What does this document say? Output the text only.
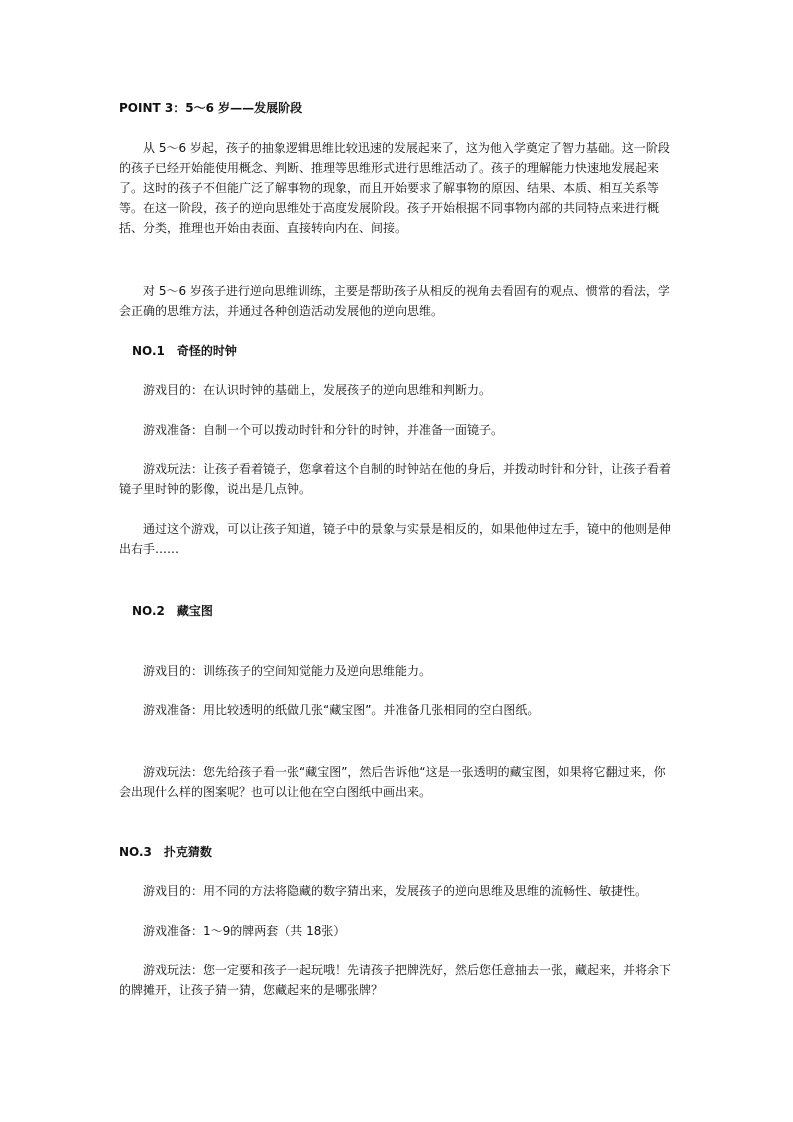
POINT 3：5～6 岁——发展阶段

从 5～6 岁起，孩子的抽象逻辑思维比较迅速的发展起来了，这为他入学奠定了智力基础。这一阶段的孩子已经开始能使用概念、判断、推理等思维形式进行思维活动了。孩子的理解能力快速地发展起来了。这时的孩子不但能广泛了解事物的现象，而且开始要求了解事物的原因、结果、本质、相互关系等等。在这一阶段，孩子的逆向思维处于高度发展阶段。孩子开始根据不同事物内部的共同特点来进行概括、分类，推理也开始由表面、直接转向内在、间接。

对 5～6 岁孩子进行逆向思维训练，主要是帮助孩子从相反的视角去看固有的观点、惯常的看法，学会正确的思维方法，并通过各种创造活动发展他的逆向思维。

NO.1　奇怪的时钟

游戏目的：在认识时钟的基础上，发展孩子的逆向思维和判断力。

游戏准备：自制一个可以拨动时针和分针的时钟，并准备一面镜子。

游戏玩法：让孩子看着镜子，您拿着这个自制的时钟站在他的身后，并拨动时针和分针，让孩子看着镜子里时钟的影像，说出是几点钟。

通过这个游戏，可以让孩子知道，镜子中的景象与实景是相反的，如果他伸过左手，镜中的他则是伸出右手……

NO.2　藏宝图

游戏目的：训练孩子的空间知觉能力及逆向思维能力。

游戏准备：用比较透明的纸做几张“藏宝图”。并准备几张相同的空白图纸。

游戏玩法：您先给孩子看一张“藏宝图”，然后告诉他“这是一张透明的藏宝图，如果将它翻过来，你会出现什么样的图案呢？也可以让他在空白图纸中画出来。

NO.3　扑克猜数

游戏目的：用不同的方法将隐藏的数字猜出来，发展孩子的逆向思维及思维的流畅性、敏捷性。

游戏准备：1～9的牌两套（共 18张）

游戏玩法：您一定要和孩子一起玩哦！先请孩子把牌洗好，然后您任意抽去一张，藏起来，并将余下的牌摊开，让孩子猜一猜，您藏起来的是哪张牌？
